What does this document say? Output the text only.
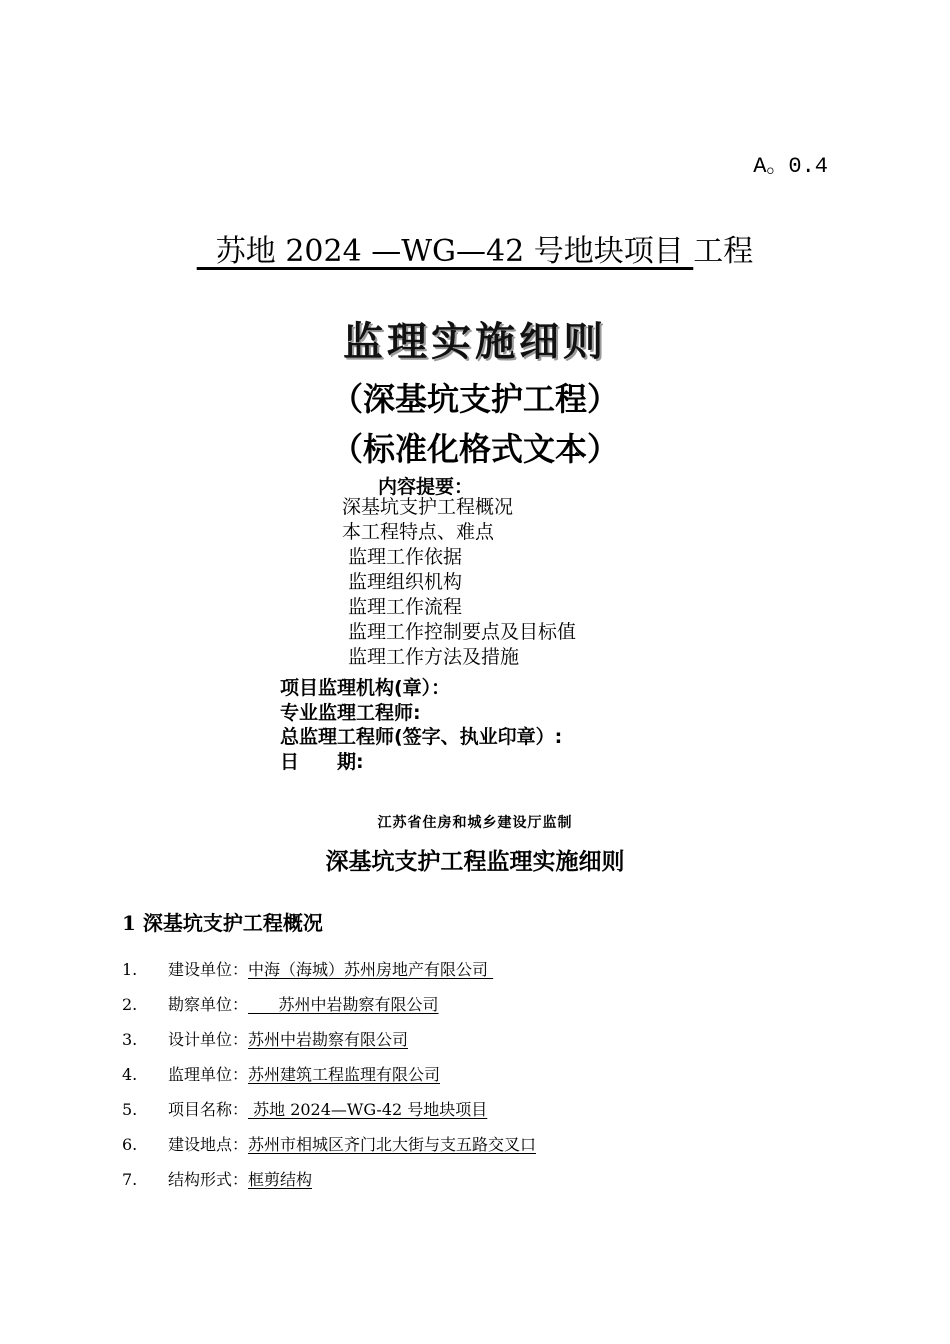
A。0.4
苏地 2024 —WG—42 号地块项目 工程
监理实施细则
（深基坑支护工程）
（标准化格式文本）
内容提要：
深基坑支护工程概况
本工程特点、难点
监理工作依据
监理组织机构
监理工作流程
监理工作控制要点及目标值
监理工作方法及措施
项目监理机构(章）：
专业监理工程师:
总监理工程师(签字、执业印章）:
日　　期:
江苏省住房和城乡建设厅监制
深基坑支护工程监理实施细则
1 深基坑支护工程概况
1. 建设单位：中海（海城）苏州房地产有限公司
2. 勘察单位：      苏州中岩勘察有限公司
3. 设计单位：苏州中岩勘察有限公司
4. 监理单位：苏州建筑工程监理有限公司
5. 项目名称： 苏地 2024—WG-42 号地块项目
6. 建设地点：苏州市相城区齐门北大街与支五路交叉口
7. 结构形式：框剪结构
